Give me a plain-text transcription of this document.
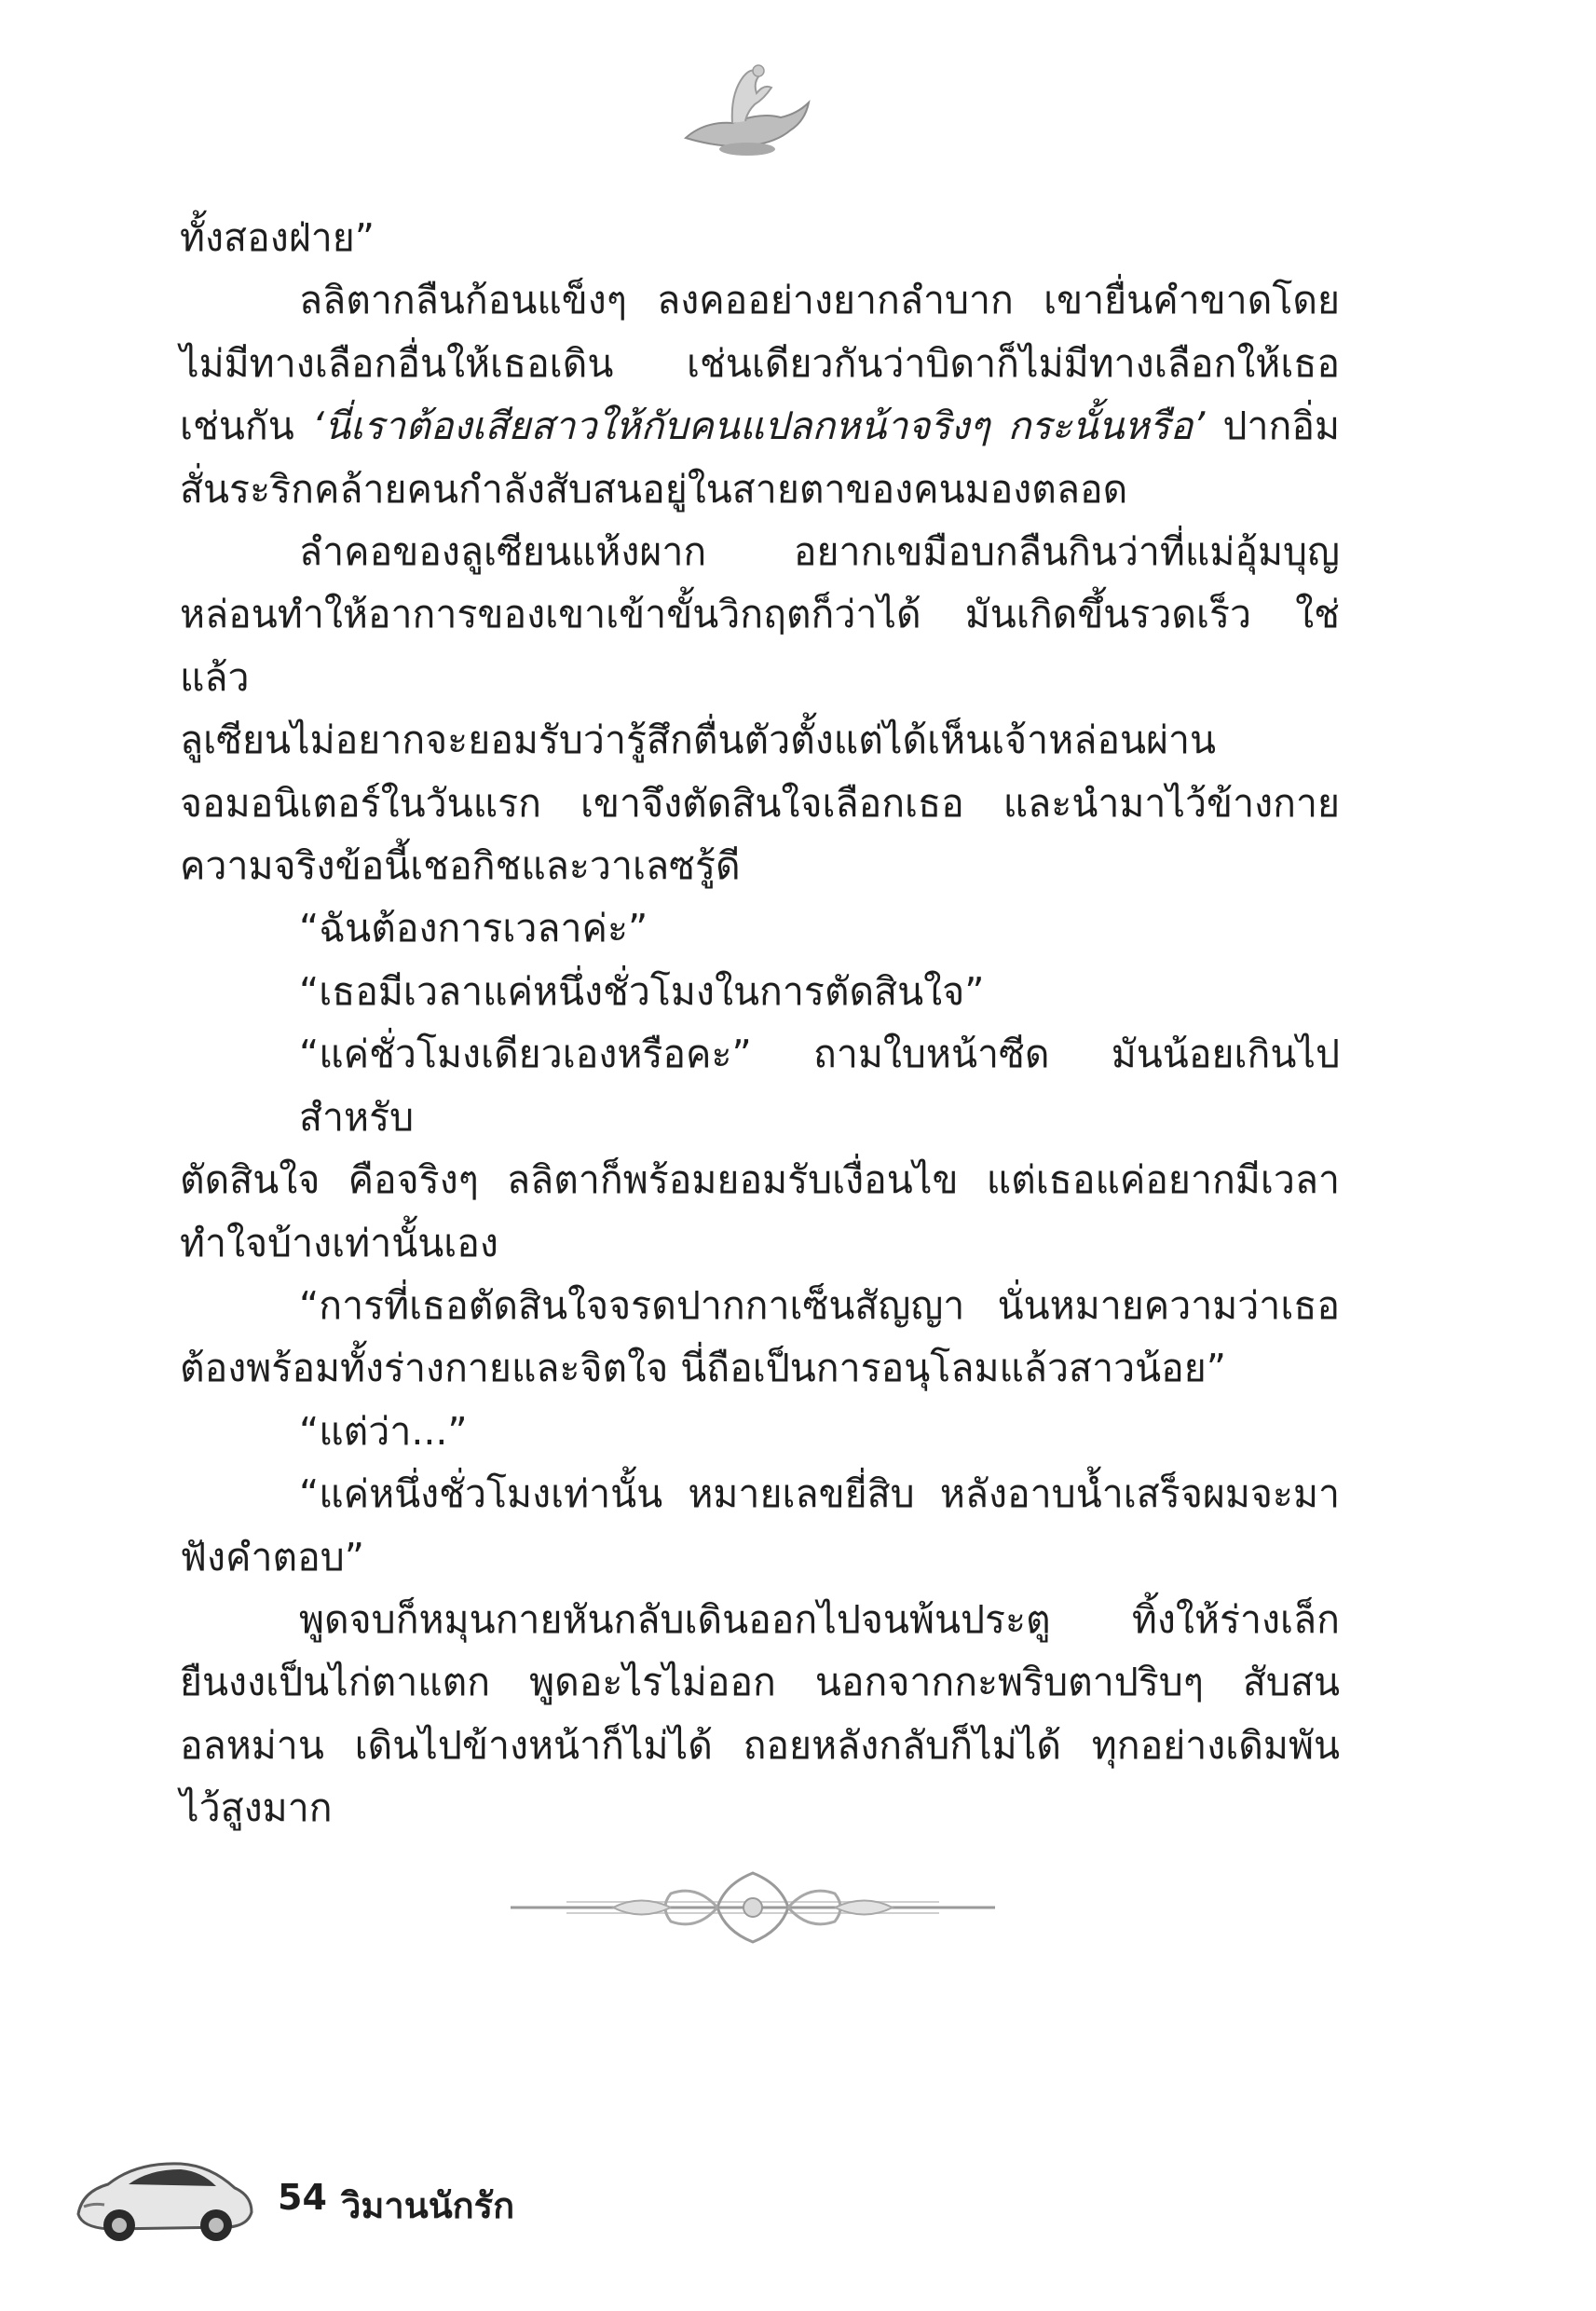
ทั้งสองฝ่าย”
ลลิตากลืนก้อนแข็งๆ ลงคออย่างยากลำบาก เขายื่นคำขาดโดย
ไม่มีทางเลือกอื่นให้เธอเดิน เช่นเดียวกันว่าบิดาก็ไม่มีทางเลือกให้เธอ
เช่นกัน ‘นี่เราต้องเสียสาวให้กับคนแปลกหน้าจริงๆ กระนั้นหรือ’ ปากอิ่ม
สั่นระริกคล้ายคนกำลังสับสนอยู่ในสายตาของคนมองตลอด
ลำคอของลูเซียนแห้งผาก อยากเขมือบกลืนกินว่าที่แม่อุ้มบุญ
หล่อนทำให้อาการของเขาเข้าขั้นวิกฤตก็ว่าได้ มันเกิดขึ้นรวดเร็ว ใช่แล้ว
ลูเซียนไม่อยากจะยอมรับว่ารู้สึกตื่นตัวตั้งแต่ได้เห็นเจ้าหล่อนผ่าน
จอมอนิเตอร์ในวันแรก เขาจึงตัดสินใจเลือกเธอ และนำมาไว้ข้างกาย
ความจริงข้อนี้เชอกิชและวาเลซรู้ดี
“ฉันต้องการเวลาค่ะ”
“เธอมีเวลาแค่หนึ่งชั่วโมงในการตัดสินใจ”
“แค่ชั่วโมงเดียวเองหรือคะ” ถามใบหน้าซีด มันน้อยเกินไปสำหรับ
ตัดสินใจ คือจริงๆ ลลิตาก็พร้อมยอมรับเงื่อนไข แต่เธอแค่อยากมีเวลา
ทำใจบ้างเท่านั้นเอง
“การที่เธอตัดสินใจจรดปากกาเซ็นสัญญา นั่นหมายความว่าเธอ
ต้องพร้อมทั้งร่างกายและจิตใจ นี่ถือเป็นการอนุโลมแล้วสาวน้อย”
“แต่ว่า...”
“แค่หนึ่งชั่วโมงเท่านั้น หมายเลขยี่สิบ หลังอาบน้ำเสร็จผมจะมา
ฟังคำตอบ”
พูดจบก็หมุนกายหันกลับเดินออกไปจนพ้นประตู ทิ้งให้ร่างเล็ก
ยืนงงเป็นไก่ตาแตก พูดอะไรไม่ออก นอกจากกะพริบตาปริบๆ สับสน
อลหม่าน เดินไปข้างหน้าก็ไม่ได้ ถอยหลังกลับก็ไม่ได้ ทุกอย่างเดิมพัน
ไว้สูงมาก
54 วิมานนักรัก
